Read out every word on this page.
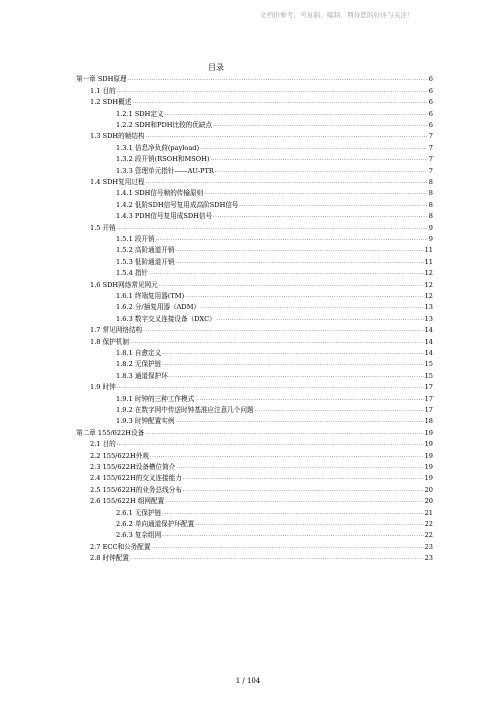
文档供参考，可复制、编制，期待您的好评与关注！
目录
第一章 SDH原理 .....	6
1.1 目的 .....	6
1.2 SDH概述 .....	6
1.2.1 SDH定义 .....	6
1.2.2 SDH和PDH比较的优缺点 .....	6
1.3 SDH的帧结构 .....	7
1.3.1 信息净负荷(payload) .....	7
1.3.2 段开销(RSOH和MSOH) .....	7
1.3.3 管理单元指针——AU-PTR .....	7
1.4 SDH复用过程 .....	8
1.4.1 SDH信号帧的传输原则 .....	8
1.4.2 低阶SDH信号复用成高阶SDH信号 .....	8
1.4.3 PDH信号复用成SDH信号 .....	8
1.5 开销 .....	9
1.5.1 段开销 .....	9
1.5.2 高阶通道开销 .....	11
1.5.3 低阶通道开销 .....	11
1.5.4 指针 .....	12
1.6 SDH网络常见网元 .....	12
1.6.1 终端复用器(TM) .....	12
1.6.2 分/插复用器（ADM） .....	13
1.6.3 数字交叉连接设备（DXC） .....	13
1.7 常见网络结构 .....	14
1.8 保护机制 .....	14
1.8.1 自愈定义 .....	14
1.8.2 无保护链 .....	15
1.8.3 通道保护环 .....	15
1.9 时钟 .....	17
1.9.1 时钟的三种工作模式 .....	17
1.9.2 在数字网中传送时钟基准应注意几个问题 .....	17
1.9.3 时钟配置实例 .....	18
第二章 155/622H设备 .....	19
2.1 目的 .....	19
2.2 155/622H外观 .....	19
2.3 155/622H设备槽位简介 .....	19
2.4 155/622H的交叉连接能力 .....	19
2.5 155/622H的业务总线分布 .....	20
2.6 155/622H 组网配置 .....	20
2.6.1 无保护链 .....	21
2.6.2 单向通道保护环配置 .....	22
2.6.3 复杂组网 .....	22
2.7 ECC和公务配置 .....	23
2.8 时钟配置 .....	23
1 / 104
